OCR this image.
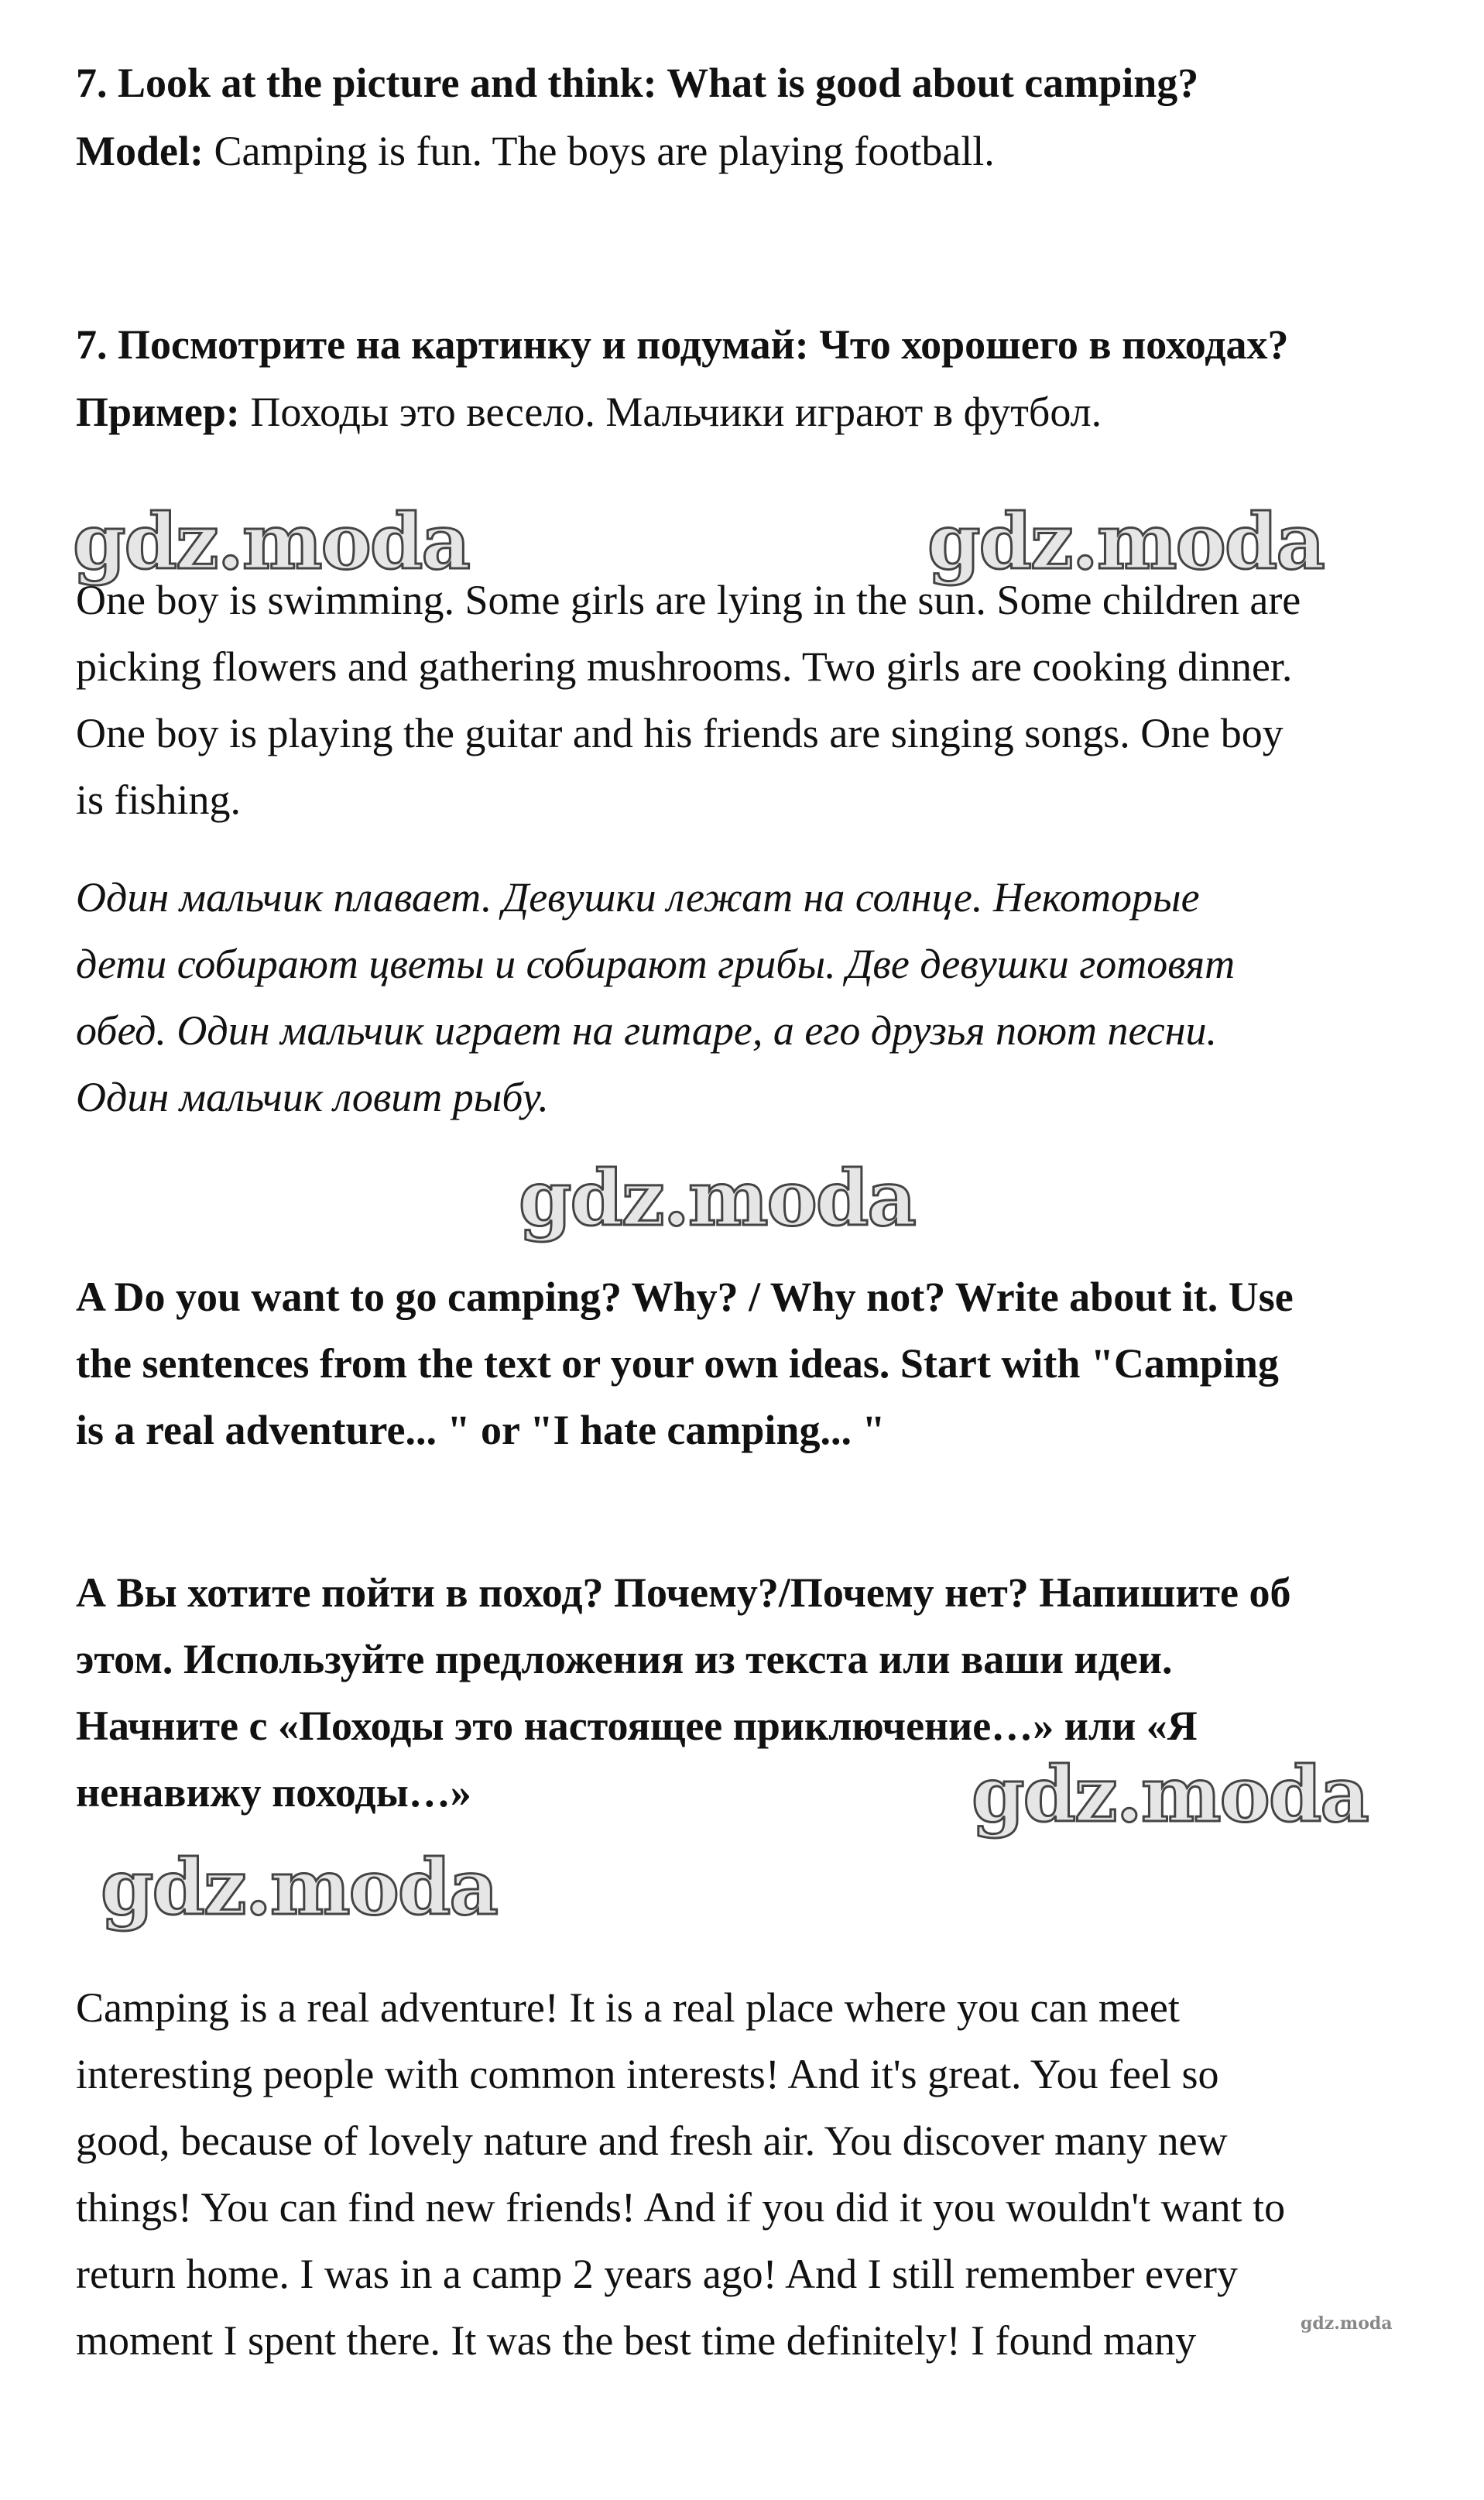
7. Look at the picture and think: What is good about camping?
Model: Camping is fun. The boys are playing football.
7. Посмотрите на картинку и подумай: Что хорошего в походах?
Пример: Походы это весело. Мальчики играют в футбол.
gdz.moda	gdz.moda
One boy is swimming. Some girls are lying in the sun. Some children are
picking flowers and gathering mushrooms. Two girls are cooking dinner.
One boy is playing the guitar and his friends are singing songs. One boy
is fishing.
Один мальчик плавает. Девушки лежат на солнце. Некоторые
дети собирают цветы и собирают грибы. Две девушки готовят
обед. Один мальчик играет на гитаре, а его друзья поют песни.
Один мальчик ловит рыбу.
gdz.moda
A Do you want to go camping? Why? / Why not? Write about it. Use
the sentences from the text or your own ideas. Start with "Camping
is a real adventure... " or "I hate camping... "
А Вы хотите пойти в поход? Почему?/Почему нет? Напишите об
этом. Используйте предложения из текста или ваши идеи.
Начните с «Походы это настоящее приключение…» или «Я
ненавижу походы…»	gdz.moda
gdz.moda
Camping is a real adventure! It is a real place where you can meet
interesting people with common interests! And it's great. You feel so
good, because of lovely nature and fresh air. You discover many new
things! You can find new friends! And if you did it you wouldn't want to
return home. I was in a camp 2 years ago! And I still remember every
moment I spent there. It was the best time definitely! I found many	gdz.moda
